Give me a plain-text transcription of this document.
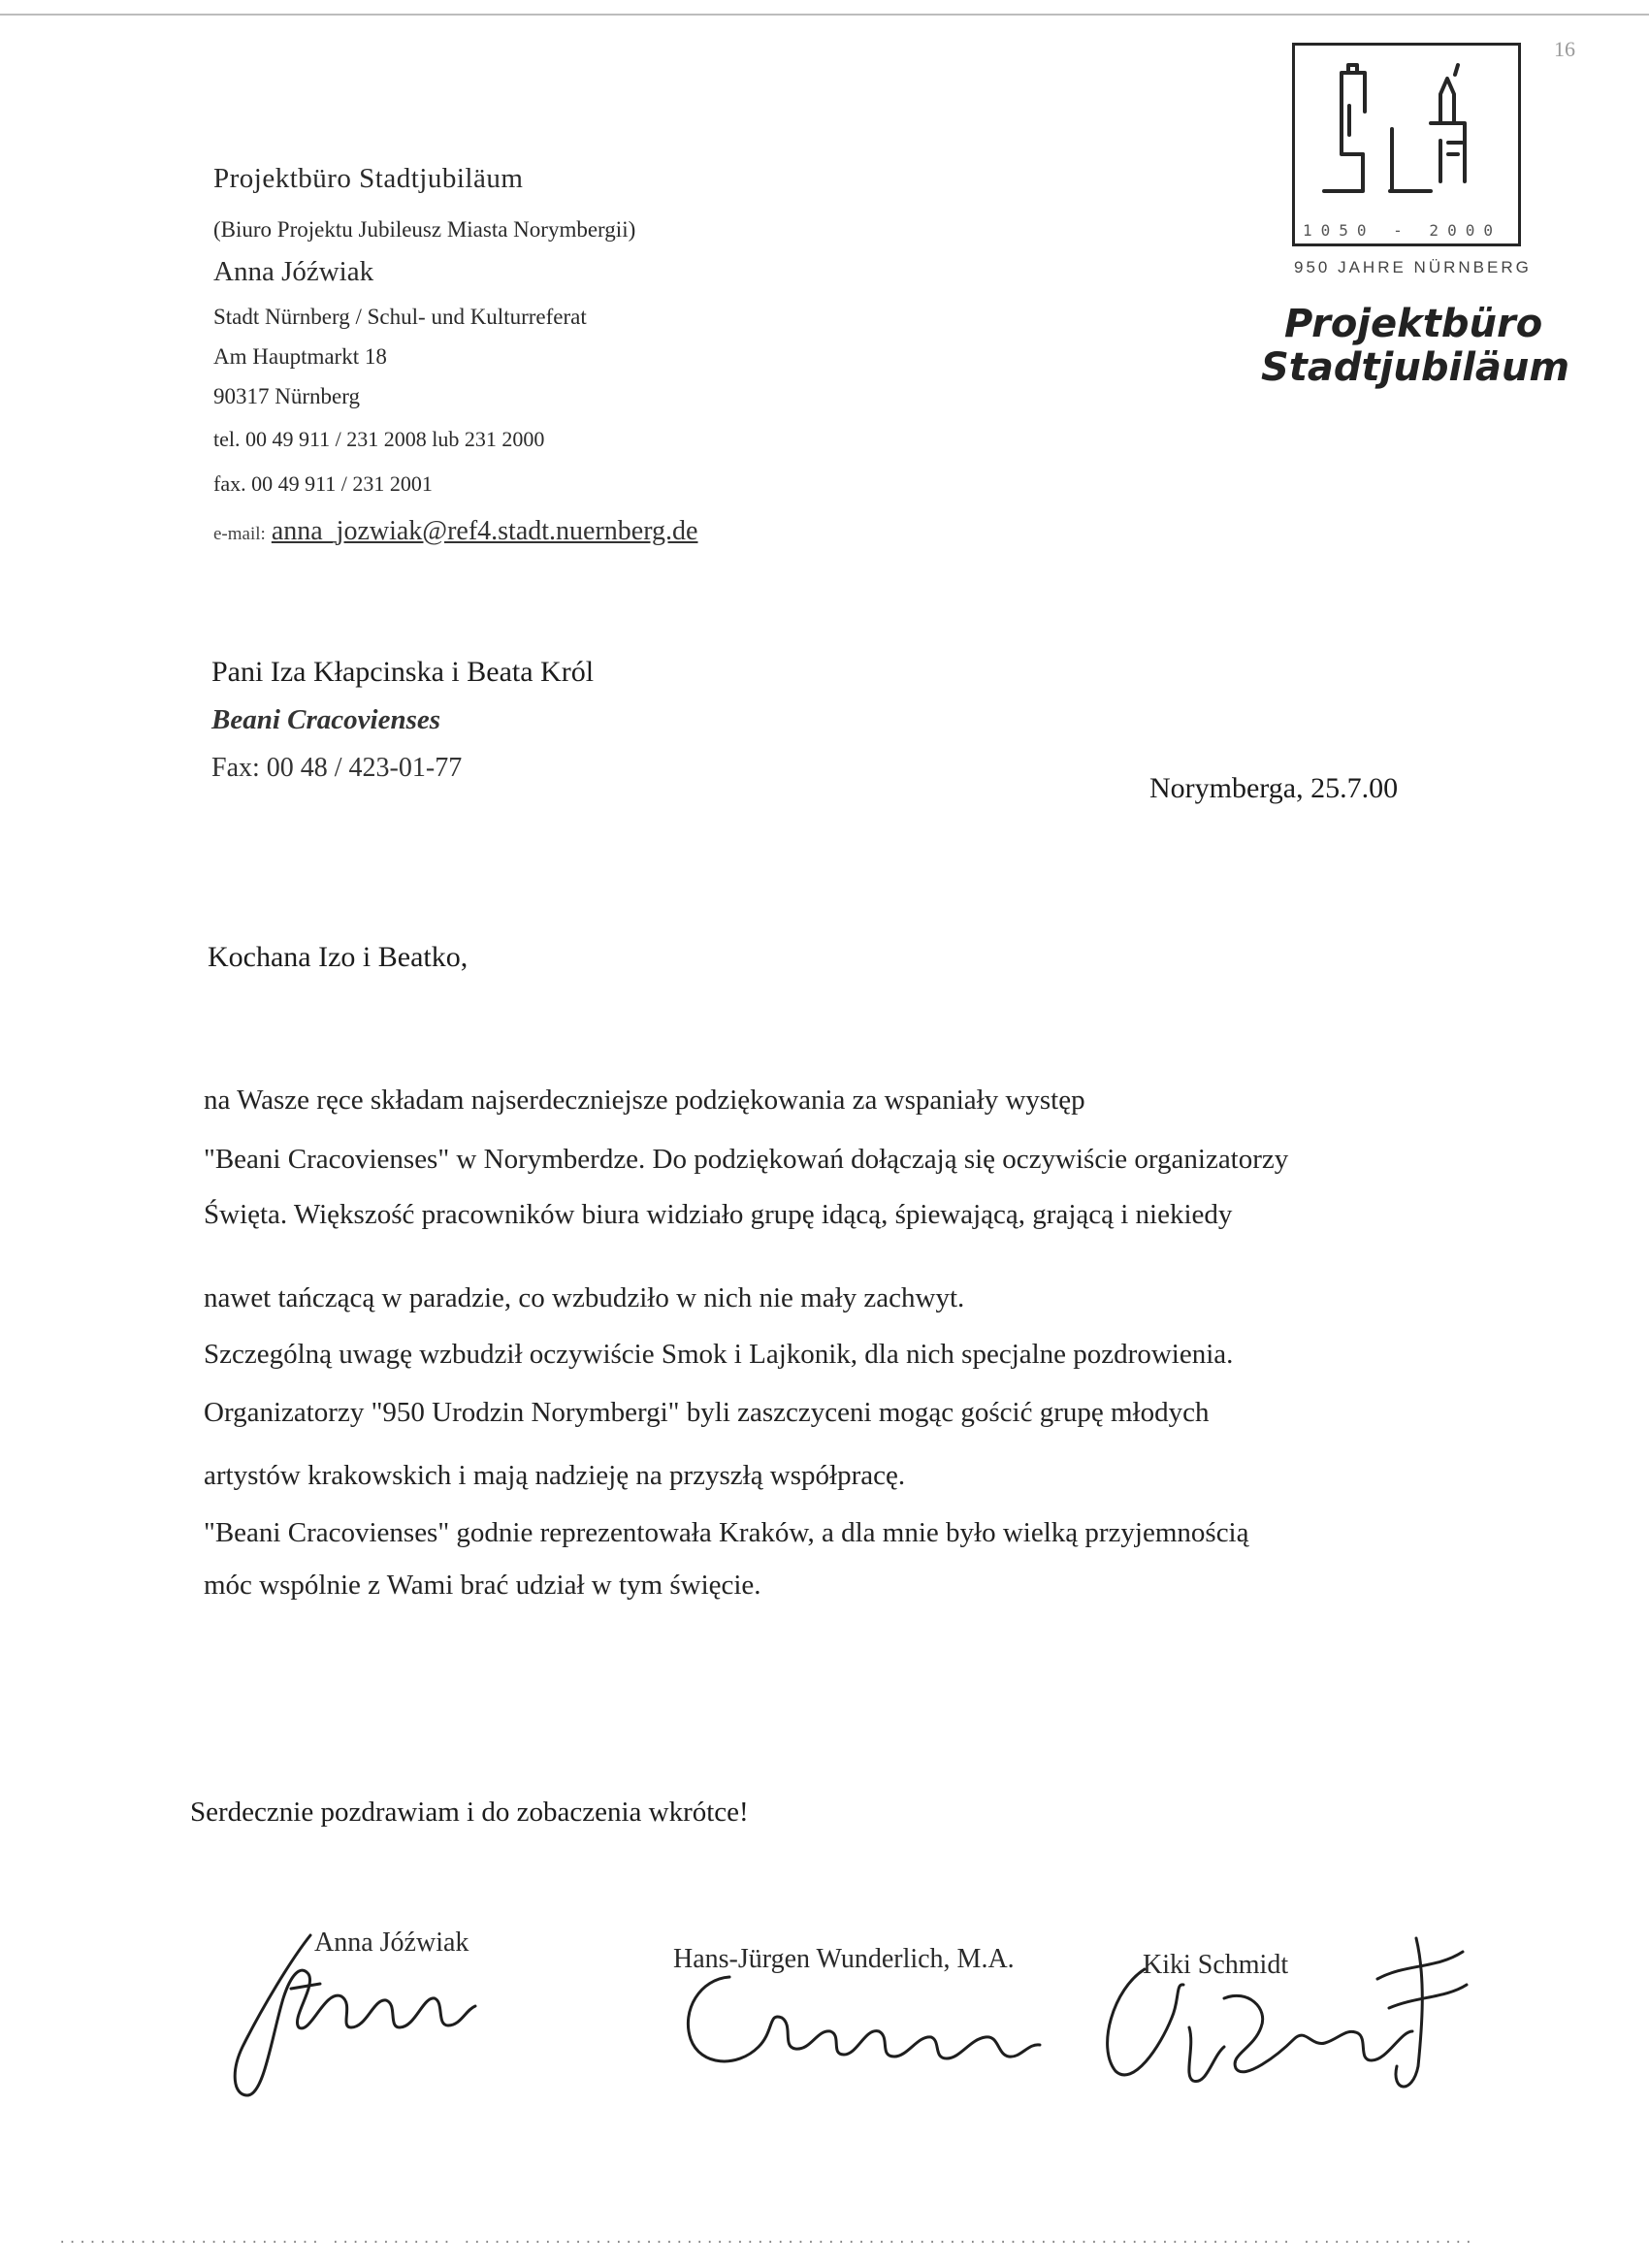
16
Projektbüro Stadtjubiläum
(Biuro Projektu Jubileusz Miasta Norymbergii)
Anna Jóźwiak
Stadt Nürnberg / Schul- und Kulturreferat
Am Hauptmarkt 18
90317 Nürnberg
tel. 00 49 911 / 231 2008 lub 231 2000
fax. 00 49 911 / 231 2001
e-mail: anna_jozwiak@ref4.stadt.nuernberg.de
1050 - 2000
950 JAHRE NÜRNBERG
Projektbüro
Stadtjubiläum
Pani Iza Kłapcinska i Beata Król
Beani Cracovienses
Fax: 00 48 / 423-01-77
Norymberga, 25.7.00
Kochana Izo i Beatko,
na Wasze ręce składam najserdeczniejsze podziękowania za wspaniały występ
"Beani Cracovienses" w Norymberdze. Do podziękowań dołączają się oczywiście organizatorzy
Święta. Większość pracowników biura widziało grupę idącą, śpiewającą, grającą i niekiedy
nawet tańczącą w paradzie, co wzbudziło w nich nie mały zachwyt.
Szczególną uwagę wzbudził oczywiście Smok i Lajkonik, dla nich specjalne pozdrowienia.
Organizatorzy "950 Urodzin Norymbergi" byli zaszczyceni mogąc gościć grupę młodych
artystów krakowskich i mają nadzieję na przyszłą współpracę.
"Beani Cracovienses" godnie reprezentowała Kraków, a dla mnie było wielką przyjemnością
móc wspólnie z Wami brać udział w tym święcie.
Serdecznie pozdrawiam i do zobaczenia wkrótce!
Anna Jóźwiak
Hans-Jürgen Wunderlich, M.A.	Kiki Schmidt
.......................... ............ .................................................................................. .................
